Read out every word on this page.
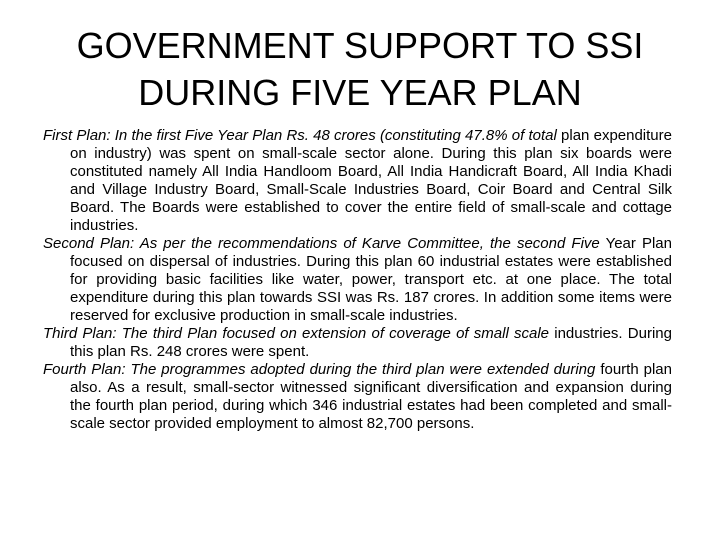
GOVERNMENT SUPPORT TO SSI
DURING FIVE YEAR PLAN

First Plan: In the first Five Year Plan Rs. 48 crores (constituting 47.8% of total plan expenditure on industry) was spent on small-scale sector alone. During this plan six boards were constituted namely All India Handloom Board, All India Handicraft Board, All India Khadi and Village Industry Board, Small-Scale Industries Board, Coir Board and Central Silk Board. The Boards were established to cover the entire field of small-scale and cottage industries.

Second Plan: As per the recommendations of Karve Committee, the second Five Year Plan focused on dispersal of industries. During this plan 60 industrial estates were established for providing basic facilities like water, power, transport etc. at one place. The total expenditure during this plan towards SSI was Rs. 187 crores. In addition some items were reserved for exclusive production in small-scale industries.

Third Plan: The third Plan focused on extension of coverage of small scale industries. During this plan Rs. 248 crores were spent.

Fourth Plan: The programmes adopted during the third plan were extended during fourth plan also. As a result, small-sector witnessed significant diversification and expansion during the fourth plan period, during which 346 industrial estates had been completed and small-scale sector provided employment to almost 82,700 persons.
